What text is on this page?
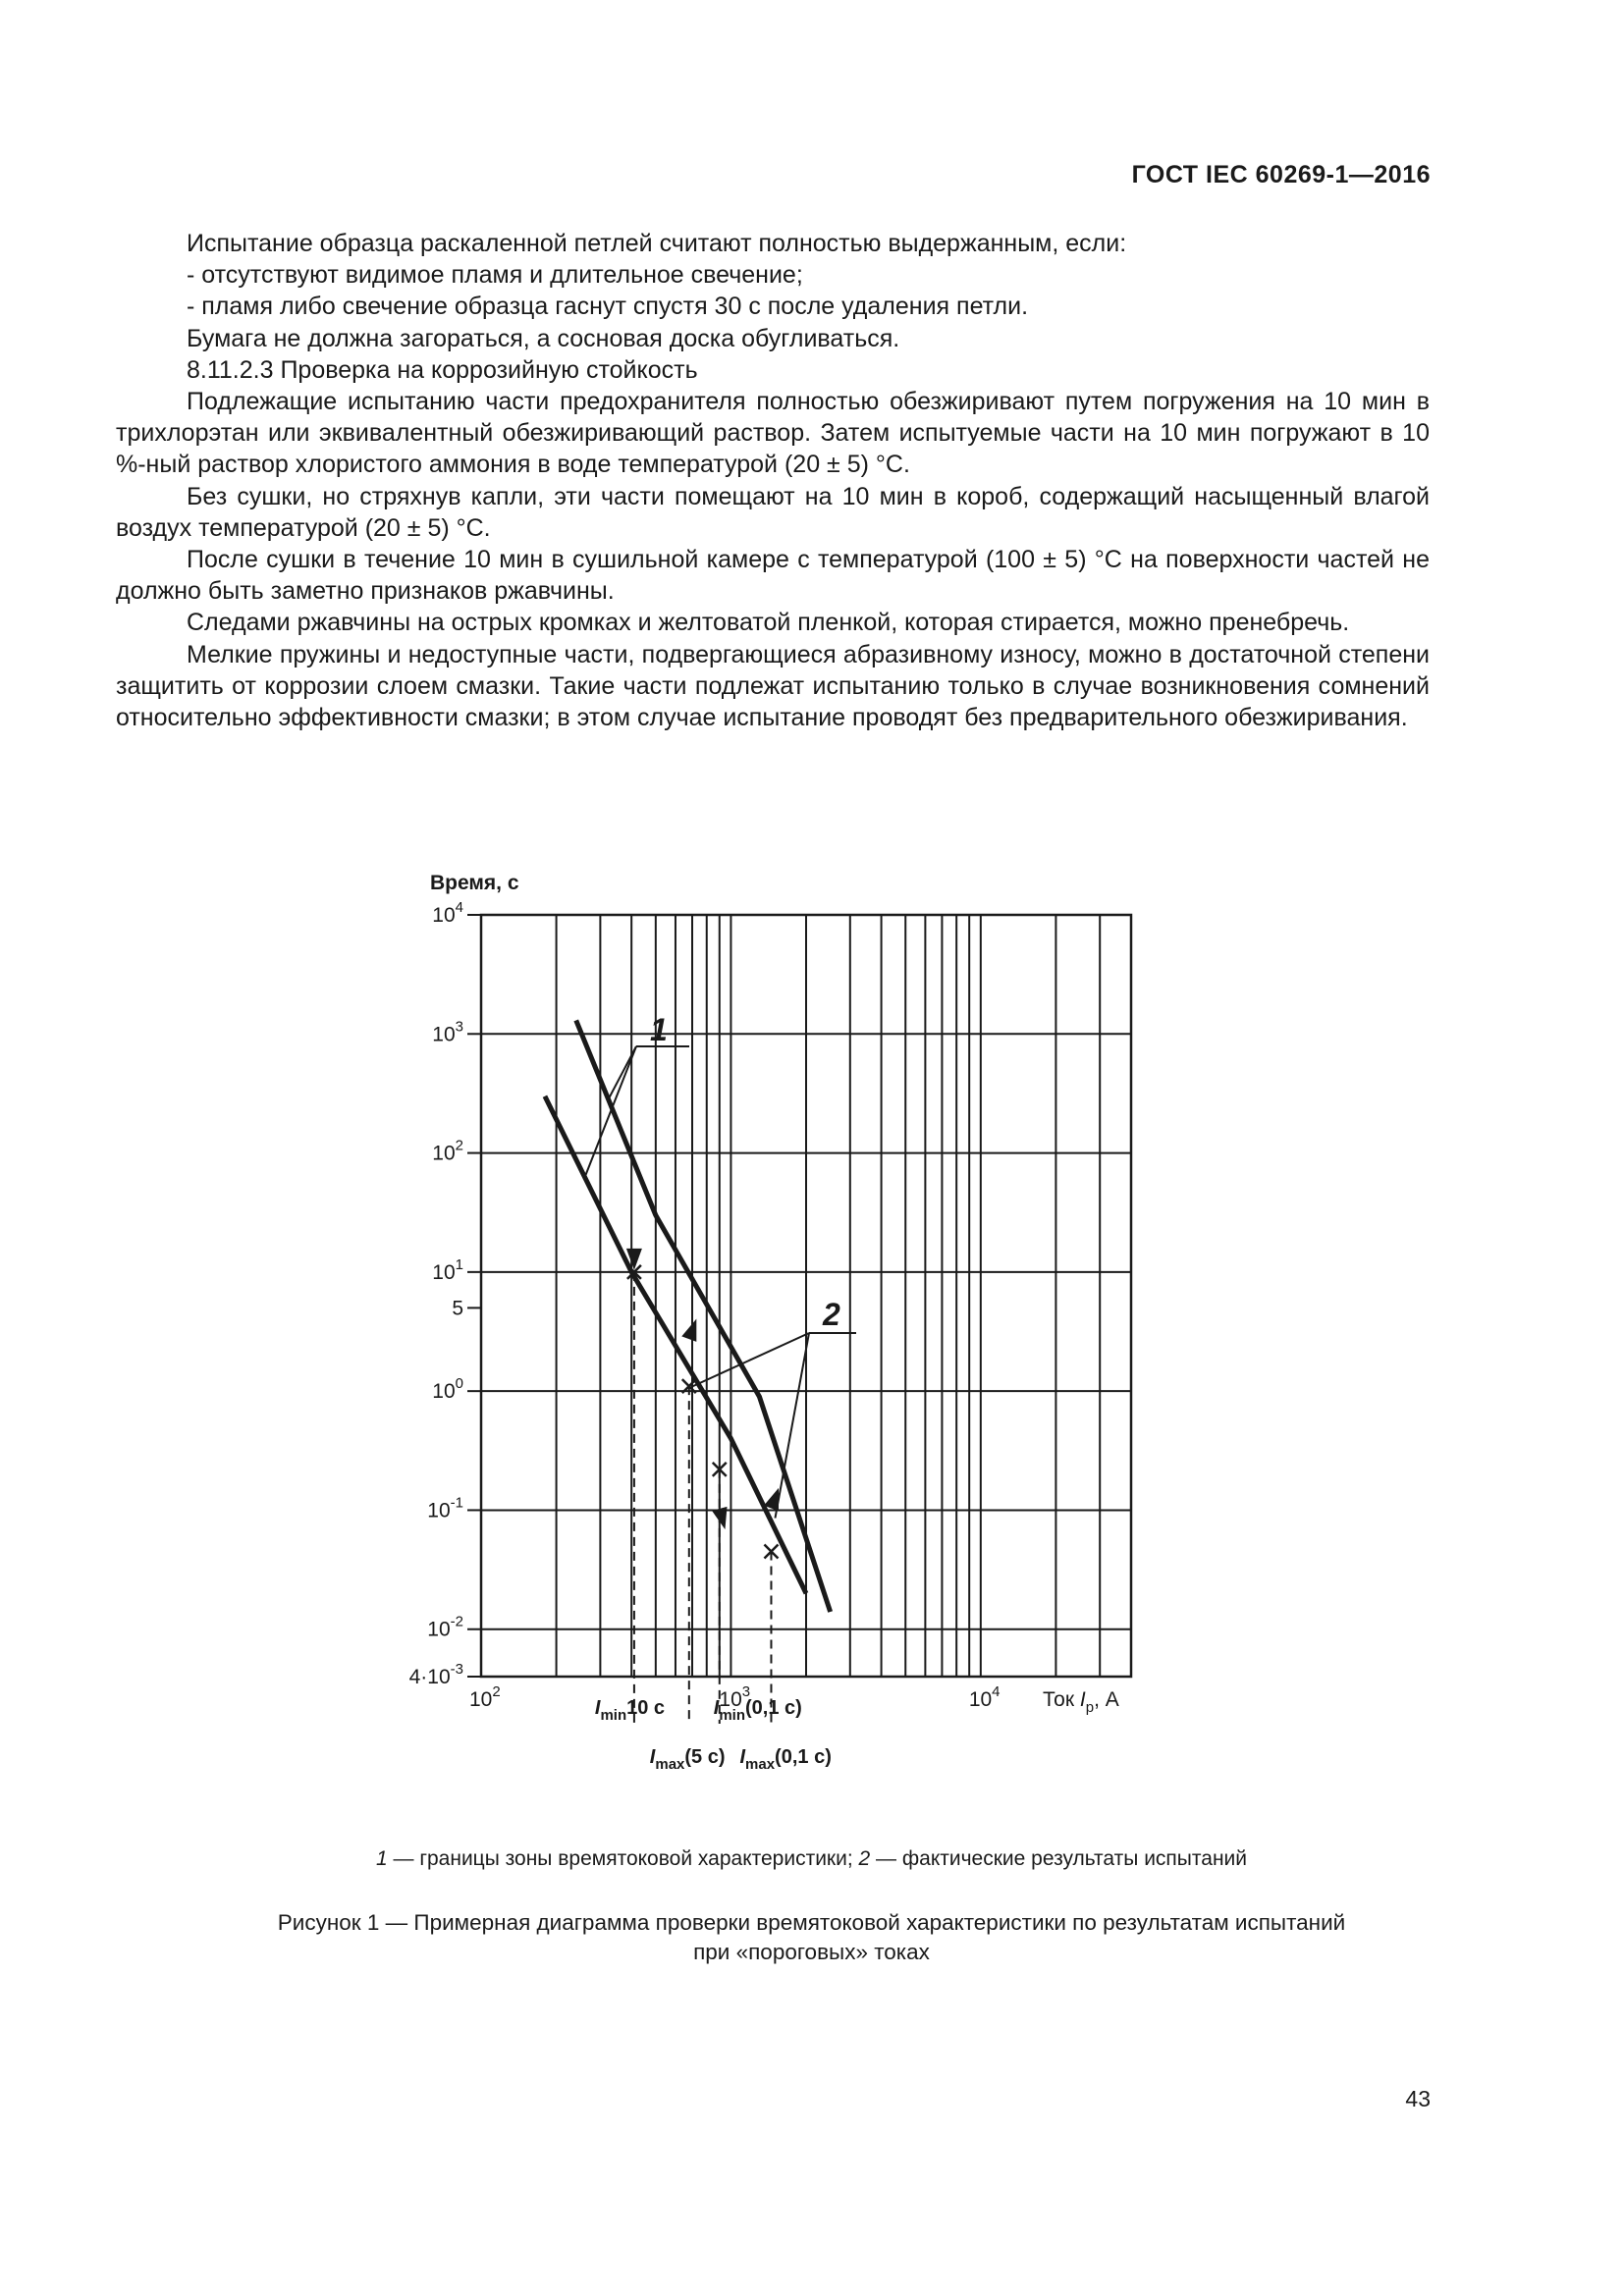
ГОСТ IEC 60269-1—2016

Испытание образца раскаленной петлей считают полностью выдержанным, если:

- отсутствуют видимое пламя и длительное свечение;

- пламя либо свечение образца гаснут спустя 30 с после удаления петли.

Бумага не должна загораться, а сосновая доска обугливаться.

8.11.2.3 Проверка на коррозийную стойкость

Подлежащие испытанию части предохранителя полностью обезжиривают путем погружения на 10 мин в трихлорэтан или эквивалентный обезжиривающий раствор. Затем испытуемые части на 10 мин погружают в 10 %-ный раствор хлористого аммония в воде температурой (20 ± 5) °С.

Без сушки, но стряхнув капли, эти части помещают на 10 мин в короб, содержащий насыщенный влагой воздух температурой (20 ± 5) °С.

После сушки в течение 10 мин в сушильной камере с температурой (100 ± 5) °С на поверхности частей не должно быть заметно признаков ржавчины.

Следами ржавчины на острых кромках и желтоватой пленкой, которая стирается, можно пренебречь.

Мелкие пружины и недоступные части, подвергающиеся абразивному износу, можно в достаточной степени защитить от коррозии слоем смазки. Такие части подлежат испытанию только в случае возникновения сомнений относительно эффективности смазки; в этом случае испытание проводят без предварительного обезжиривания.

$10^4$
$10^3$
$10^2$
$10^1$
5
$10^0$
$10^{-1}$
$10^{-2}$
$4\cdot 10^{-3}$
Время, с
$10^2$	$10^3$	$10^4$ Ток $I_p$, А
1
2
$I_{min}10$ с $I_{min}(0,1$ с)
$I_{max}(5$ с) $I_{max}(0,1$ с)
1 — границы зоны времятоковой характеристики; 2 — фактические результаты испытаний
Рисунок 1 — Примерная диаграмма проверки времятоковой характеристики по результатам испытаний
при «пороговых» токах
43
